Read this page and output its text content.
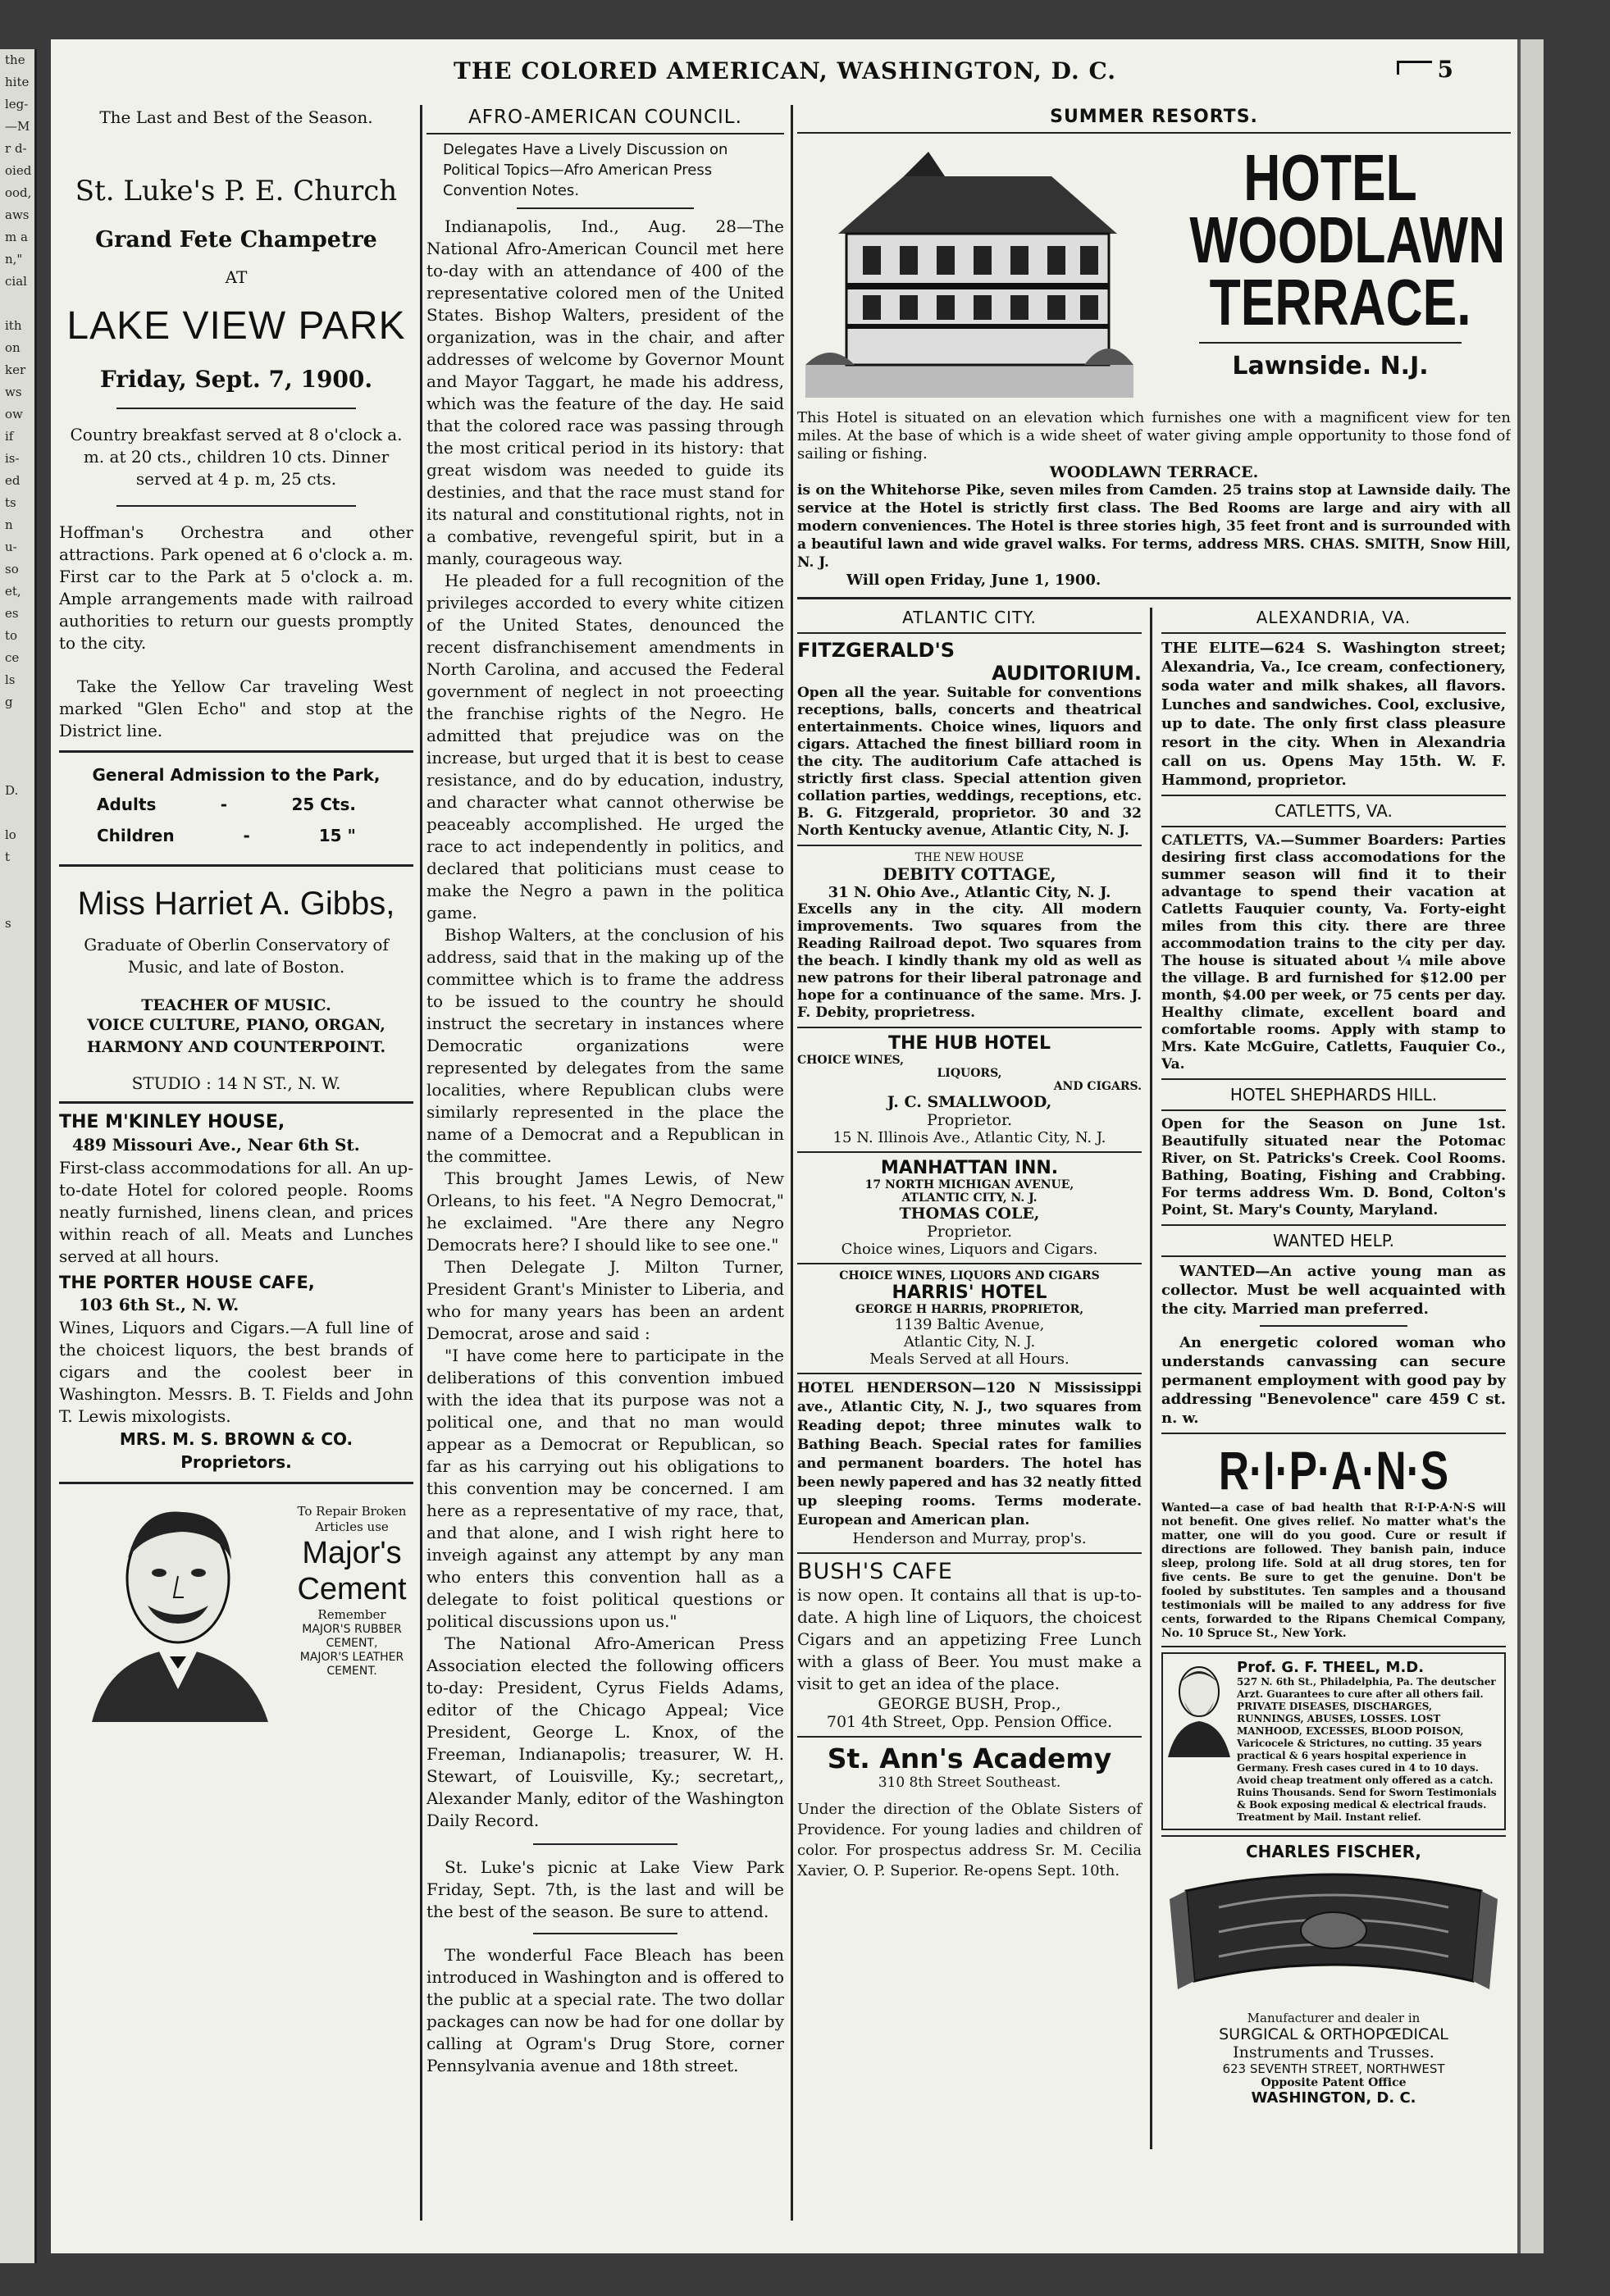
the
hite
leg-
—M
r d-
oied
ood,
aws
m a
n,"
cial

ith
on
ker
ws
ow
if
is-
ed
ts
n
u-
so
et,
es
to
ce
ls
g

D.

lo
t

s
THE COLORED AMERICAN, WASHINGTON, D. C.	5

The Last and Best of the Season.

St. Luke's P. E. Church

Grand Fete Champetre

AT

LAKE VIEW PARK

Friday, Sept. 7, 1900.

Country breakfast served at 8 o'clock a. m. at 20 cts., children 10 cts. Dinner served at 4 p. m, 25 cts.

Hoffman's Orchestra and other attractions. Park opened at 6 o'clock a. m. First car to the Park at 5 o'clock a. m. Ample arrangements made with railroad authorities to return our guests promptly to the city.

Take the Yellow Car traveling West marked "Glen Echo" and stop at the District line.

General Admission to the Park,

Adults	-	25 Cts.
Children	-	15 "

Miss Harriet A. Gibbs,

Graduate of Oberlin Conservatory of Music, and late of Boston.

TEACHER OF MUSIC.

VOICE CULTURE, PIANO, ORGAN, HARMONY AND COUNTERPOINT.

STUDIO : 14 N ST., N. W.

THE M'KINLEY HOUSE,

489 Missouri Ave., Near 6th St.

First-class accommodations for all. An up-to-date Hotel for colored people. Rooms neatly furnished, linens clean, and prices within reach of all. Meats and Lunches served at all hours.

THE PORTER HOUSE CAFE,

103 6th St., N. W.

Wines, Liquors and Cigars.—A full line of the choicest liquors, the best brands of cigars and the coolest beer in Washington. Messrs. B. T. Fields and John T. Lewis mixologists.

MRS. M. S. BROWN & CO.

Proprietors.

To Repair Broken Articles use

Major's

Cement

Remember

MAJOR'S RUBBER CEMENT,

MAJOR'S LEATHER CEMENT.

AFRO-AMERICAN COUNCIL.

Delegates Have a Lively Discussion on Political Topics—Afro American Press Convention Notes.

Indianapolis, Ind., Aug. 28—The National Afro-American Council met here to-day with an attendance of 400 of the representative colored men of the United States. Bishop Walters, president of the organization, was in the chair, and after addresses of welcome by Governor Mount and Mayor Taggart, he made his address, which was the feature of the day. He said that the colored race was passing through the most critical period in its history: that great wisdom was needed to guide its destinies, and that the race must stand for its natural and constitutional rights, not in a combative, revengeful spirit, but in a manly, courageous way.

He pleaded for a full recognition of the privileges accorded to every white citizen of the United States, denounced the recent disfranchisement amendments in North Carolina, and accused the Federal government of neglect in not proeecting the franchise rights of the Negro. He admitted that prejudice was on the increase, but urged that it is best to cease resistance, and do by education, industry, and character what cannot otherwise be peaceably accomplished. He urged the race to act independently in politics, and declared that politicians must cease to make the Negro a pawn in the politica game.

Bishop Walters, at the conclusion of his address, said that in the making up of the committee which is to frame the address to be issued to the country he should instruct the secretary in instances where Democratic organizations were represented by delegates from the same localities, where Republican clubs were similarly represented in the place the name of a Democrat and a Republican in the committee.

This brought James Lewis, of New Orleans, to his feet. "A Negro Democrat," he exclaimed. "Are there any Negro Democrats here? I should like to see one."

Then Delegate J. Milton Turner, President Grant's Minister to Liberia, and who for many years has been an ardent Democrat, arose and said :

"I have come here to participate in the deliberations of this convention imbued with the idea that its purpose was not a political one, and that no man would appear as a Democrat or Republican, so far as his carrying out his obligations to this convention may be concerned. I am here as a representative of my race, that, and that alone, and I wish right here to inveigh against any attempt by any man who enters this convention hall as a delegate to foist political questions or political discussions upon us."

The National Afro-American Press Association elected the following officers to-day: President, Cyrus Fields Adams, editor of the Chicago Appeal; Vice President, George L. Knox, of the Freeman, Indianapolis; treasurer, W. H. Stewart, of Louisville, Ky.; secretart,, Alexander Manly, editor of the Washington Daily Record.

St. Luke's picnic at Lake View Park Friday, Sept. 7th, is the last and will be the best of the season. Be sure to attend.

The wonderful Face Bleach has been introduced in Washington and is offered to the public at a special rate. The two dollar packages can now be had for one dollar by calling at Ogram's Drug Store, corner Pennsylvania avenue and 18th street.

SUMMER RESORTS.

HOTEL

WOODLAWN

TERRACE.

Lawnside. N.J.

This Hotel is situated on an elevation which furnishes one with a magnificent view for ten miles. At the base of which is a wide sheet of water giving ample opportunity to those fond of sailing or fishing.

WOODLAWN TERRACE.

is on the Whitehorse Pike, seven miles from Camden. 25 trains stop at Lawnside daily. The service at the Hotel is strictly first class. The Bed Rooms are large and airy with all modern conveniences. The Hotel is three stories high, 35 feet front and is surrounded with a beautiful lawn and wide gravel walks. For terms, address MRS. CHAS. SMITH, Snow Hill, N. J.

Will open Friday, June 1, 1900.

ATLANTIC CITY.

FITZGERALD'S

AUDITORIUM.

Open all the year. Suitable for conventions receptions, balls, concerts and theatrical entertainments. Choice wines, liquors and cigars. Attached the finest billiard room in the city. The auditorium Cafe attached is strictly first class. Special attention given collation parties, weddings, receptions, etc. B. G. Fitzgerald, proprietor. 30 and 32 North Kentucky avenue, Atlantic City, N. J.

THE NEW HOUSE

DEBITY COTTAGE,

31 N. Ohio Ave., Atlantic City, N. J.

Excells any in the city. All modern improvements. Two squares from the Reading Railroad depot. Two squares from the beach. I kindly thank my old as well as new patrons for their liberal patronage and hope for a continuance of the same. Mrs. J. F. Debity, proprietress.

THE HUB HOTEL

CHOICE WINES,

LIQUORS,

AND CIGARS.

J. C. SMALLWOOD,

Proprietor.

15 N. Illinois Ave., Atlantic City, N. J.

MANHATTAN INN.

17 NORTH MICHIGAN AVENUE,

ATLANTIC CITY, N. J.

THOMAS COLE,

Proprietor.

Choice wines, Liquors and Cigars.

CHOICE WINES, LIQUORS AND CIGARS

HARRIS' HOTEL

GEORGE H HARRIS, PROPRIETOR,

1139 Baltic Avenue,

Atlantic City, N. J.

Meals Served at all Hours.

HOTEL HENDERSON—120 N Mississippi ave., Atlantic City, N. J., two squares from Reading depot; three minutes walk to Bathing Beach. Special rates for families and permanent boarders. The hotel has been newly papered and has 32 neatly fitted up sleeping rooms. Terms moderate. European and American plan.

Henderson and Murray, prop's.

BUSH'S CAFE

is now open. It contains all that is up-to-date. A high line of Liquors, the choicest Cigars and an appetizing Free Lunch with a glass of Beer. You must make a visit to get an idea of the place.

GEORGE BUSH, Prop.,

701 4th Street, Opp. Pension Office.

St. Ann's Academy

310 8th Street Southeast.

Under the direction of the Oblate Sisters of Providence. For young ladies and children of color. For prospectus address Sr. M. Cecilia Xavier, O. P. Superior. Re-opens Sept. 10th.

ALEXANDRIA, VA.

THE ELITE—624 S. Washington street; Alexandria, Va., Ice cream, confectionery, soda water and milk shakes, all flavors. Lunches and sandwiches. Cool, exclusive, up to date. The only first class pleasure resort in the city. When in Alexandria call on us. Opens May 15th. W. F. Hammond, proprietor.

CATLETTS, VA.

CATLETTS, VA.—Summer Boarders: Parties desiring first class accomodations for the summer season will find it to their advantage to spend their vacation at Catletts Fauquier county, Va. Forty-eight miles from this city. there are three accommodation trains to the city per day. The house is situated about ¼ mile above the village. B ard furnished for $12.00 per month, $4.00 per week, or 75 cents per day. Healthy climate, excellent board and comfortable rooms. Apply with stamp to Mrs. Kate McGuire, Catletts, Fauquier Co., Va.

HOTEL SHEPHARDS HILL.

Open for the Season on June 1st. Beautifully situated near the Potomac River, on St. Patricks's Creek. Cool Rooms. Bathing, Boating, Fishing and Crabbing. For terms address Wm. D. Bond, Colton's Point, St. Mary's County, Maryland.

WANTED HELP.

WANTED—An active young man as collector. Must be well acquainted with the city. Married man preferred.

An energetic colored woman who understands canvassing can secure permanent employment with good pay by addressing "Benevolence" care 459 C st. n. w.

R·I·P·A·N·S

Wanted—a case of bad health that R·I·P·A·N·S will not benefit. One gives relief. No matter what's the matter, one will do you good. Cure or result if directions are followed. They banish pain, induce sleep, prolong life. Sold at all drug stores, ten for five cents. Be sure to get the genuine. Don't be fooled by substitutes. Ten samples and a thousand testimonials will be mailed to any address for five cents, forwarded to the Ripans Chemical Company, No. 10 Spruce St., New York.

Prof. G. F. THEEL, M.D.

527 N. 6th St., Philadelphia, Pa. The deutscher Arzt. Guarantees to cure after all others fail. PRIVATE DISEASES, DISCHARGES, RUNNINGS, ABUSES, LOSSES. LOST MANHOOD, EXCESSES, BLOOD POISON, Varicocele & Strictures, no cutting. 35 years practical & 6 years hospital experience in Germany. Fresh cases cured in 4 to 10 days. Avoid cheap treatment only offered as a catch. Ruins Thousands. Send for Sworn Testimonials & Book exposing medical & electrical frauds. Treatment by Mail. Instant relief.

CHARLES FISCHER,

Manufacturer and dealer in

SURGICAL & ORTHOPŒDICAL

Instruments and Trusses.

623 SEVENTH STREET, NORTHWEST

Opposite Patent Office

WASHINGTON, D. C.
